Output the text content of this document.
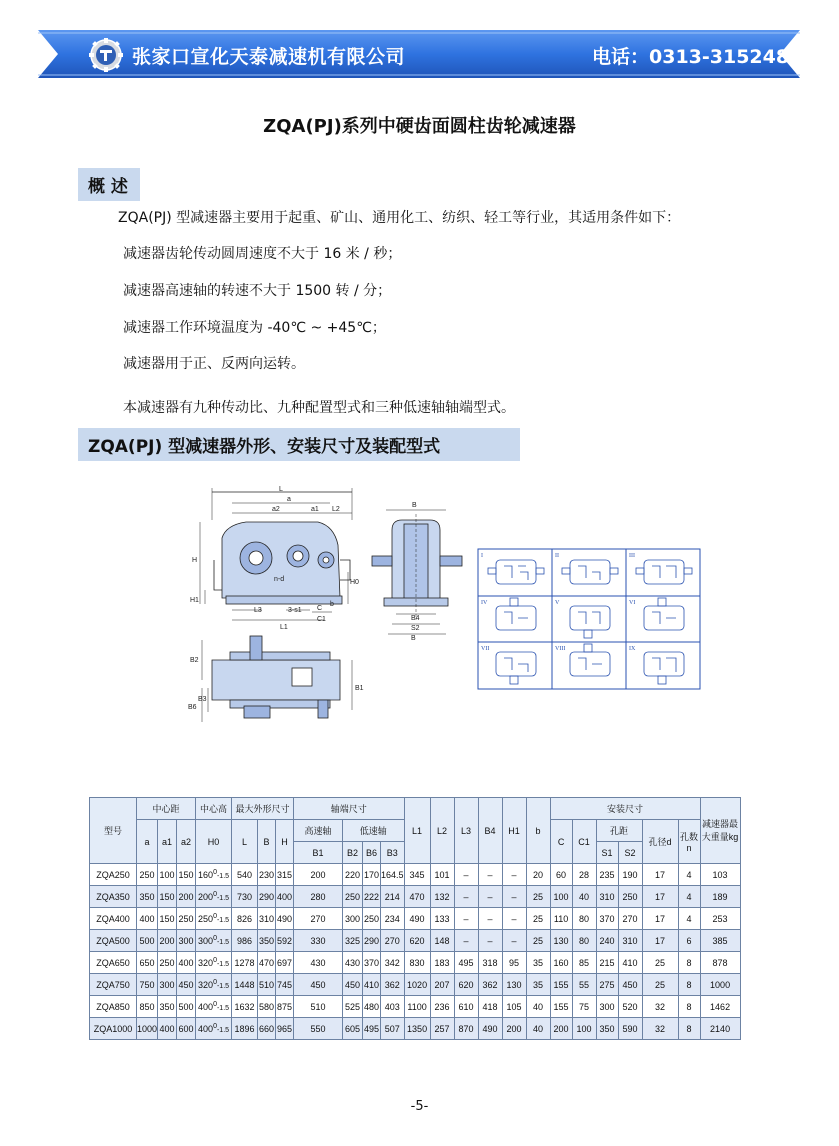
张家口宣化天泰减速机有限公司	电话：0313-3152488
ZQA(PJ)系列中硬齿面圆柱齿轮减速器
概 述
ZQA(PJ) 型减速器主要用于起重、矿山、通用化工、纺织、轻工等行业，其适用条件如下：
减速器齿轮传动圆周速度不大于 16 米 / 秒；
减速器高速轴的转速不大于 1500 转 / 分；
减速器工作环境温度为 -40℃ ~ +45℃；
减速器用于正、反两向运转。
本减速器有九种传动比、九种配置型式和三种低速轴轴端型式。
ZQA(PJ) 型减速器外形、安装尺寸及装配型式
L
a
a2	a1 L2
H
H1
H0
n-d
L3	3-s1 C
C1
b
L1
B
B4
S2
B
B2
B6
B3
B1
I	II	III
IV	V	VI
VII	VIII	IX
型号	中心距			中心高	最大外形尺寸			轴端尺寸				L1	L2	L3	B4	H1	b	安装尺寸						减速器最大重量kg
	a	a1	a2	H0	L	B	H	高速轴	低速轴									C	C1	孔距		孔径d	孔数n	
								B1	B2	B6	B3									S1	S2			
ZQA250	250	100	150	$160^0-1.5$	540	230	315	200	220	170	164.5	345	101	–	–	–	20	60	28	235	190	17	4	103
ZQA350	350	150	200	$200^0-1.5$	730	290	400	280	250	222	214	470	132	–	–	–	25	100	40	310	250	17	4	189
ZQA400	400	150	250	$250^0-1.5$	826	310	490	270	300	250	234	490	133	–	–	–	25	110	80	370	270	17	4	253
ZQA500	500	200	300	$300^0-1.5$	986	350	592	330	325	290	270	620	148	–	–	–	25	130	80	240	310	17	6	385
ZQA650	650	250	400	$320^0-1.5$	1278	470	697	430	430	370	342	830	183	495	318	95	35	160	85	215	410	25	8	878
ZQA750	750	300	450	$320^0-1.5$	1448	510	745	450	450	410	362	1020	207	620	362	130	35	155	55	275	450	25	8	1000
ZQA850	850	350	500	$400^0-1.5$	1632	580	875	510	525	480	403	1100	236	610	418	105	40	155	75	300	520	32	8	1462
ZQA1000	1000	400	600	$400^0-1.5$	1896	660	965	550	605	495	507	1350	257	870	490	200	40	200	100	350	590	32	8	2140
-5-
